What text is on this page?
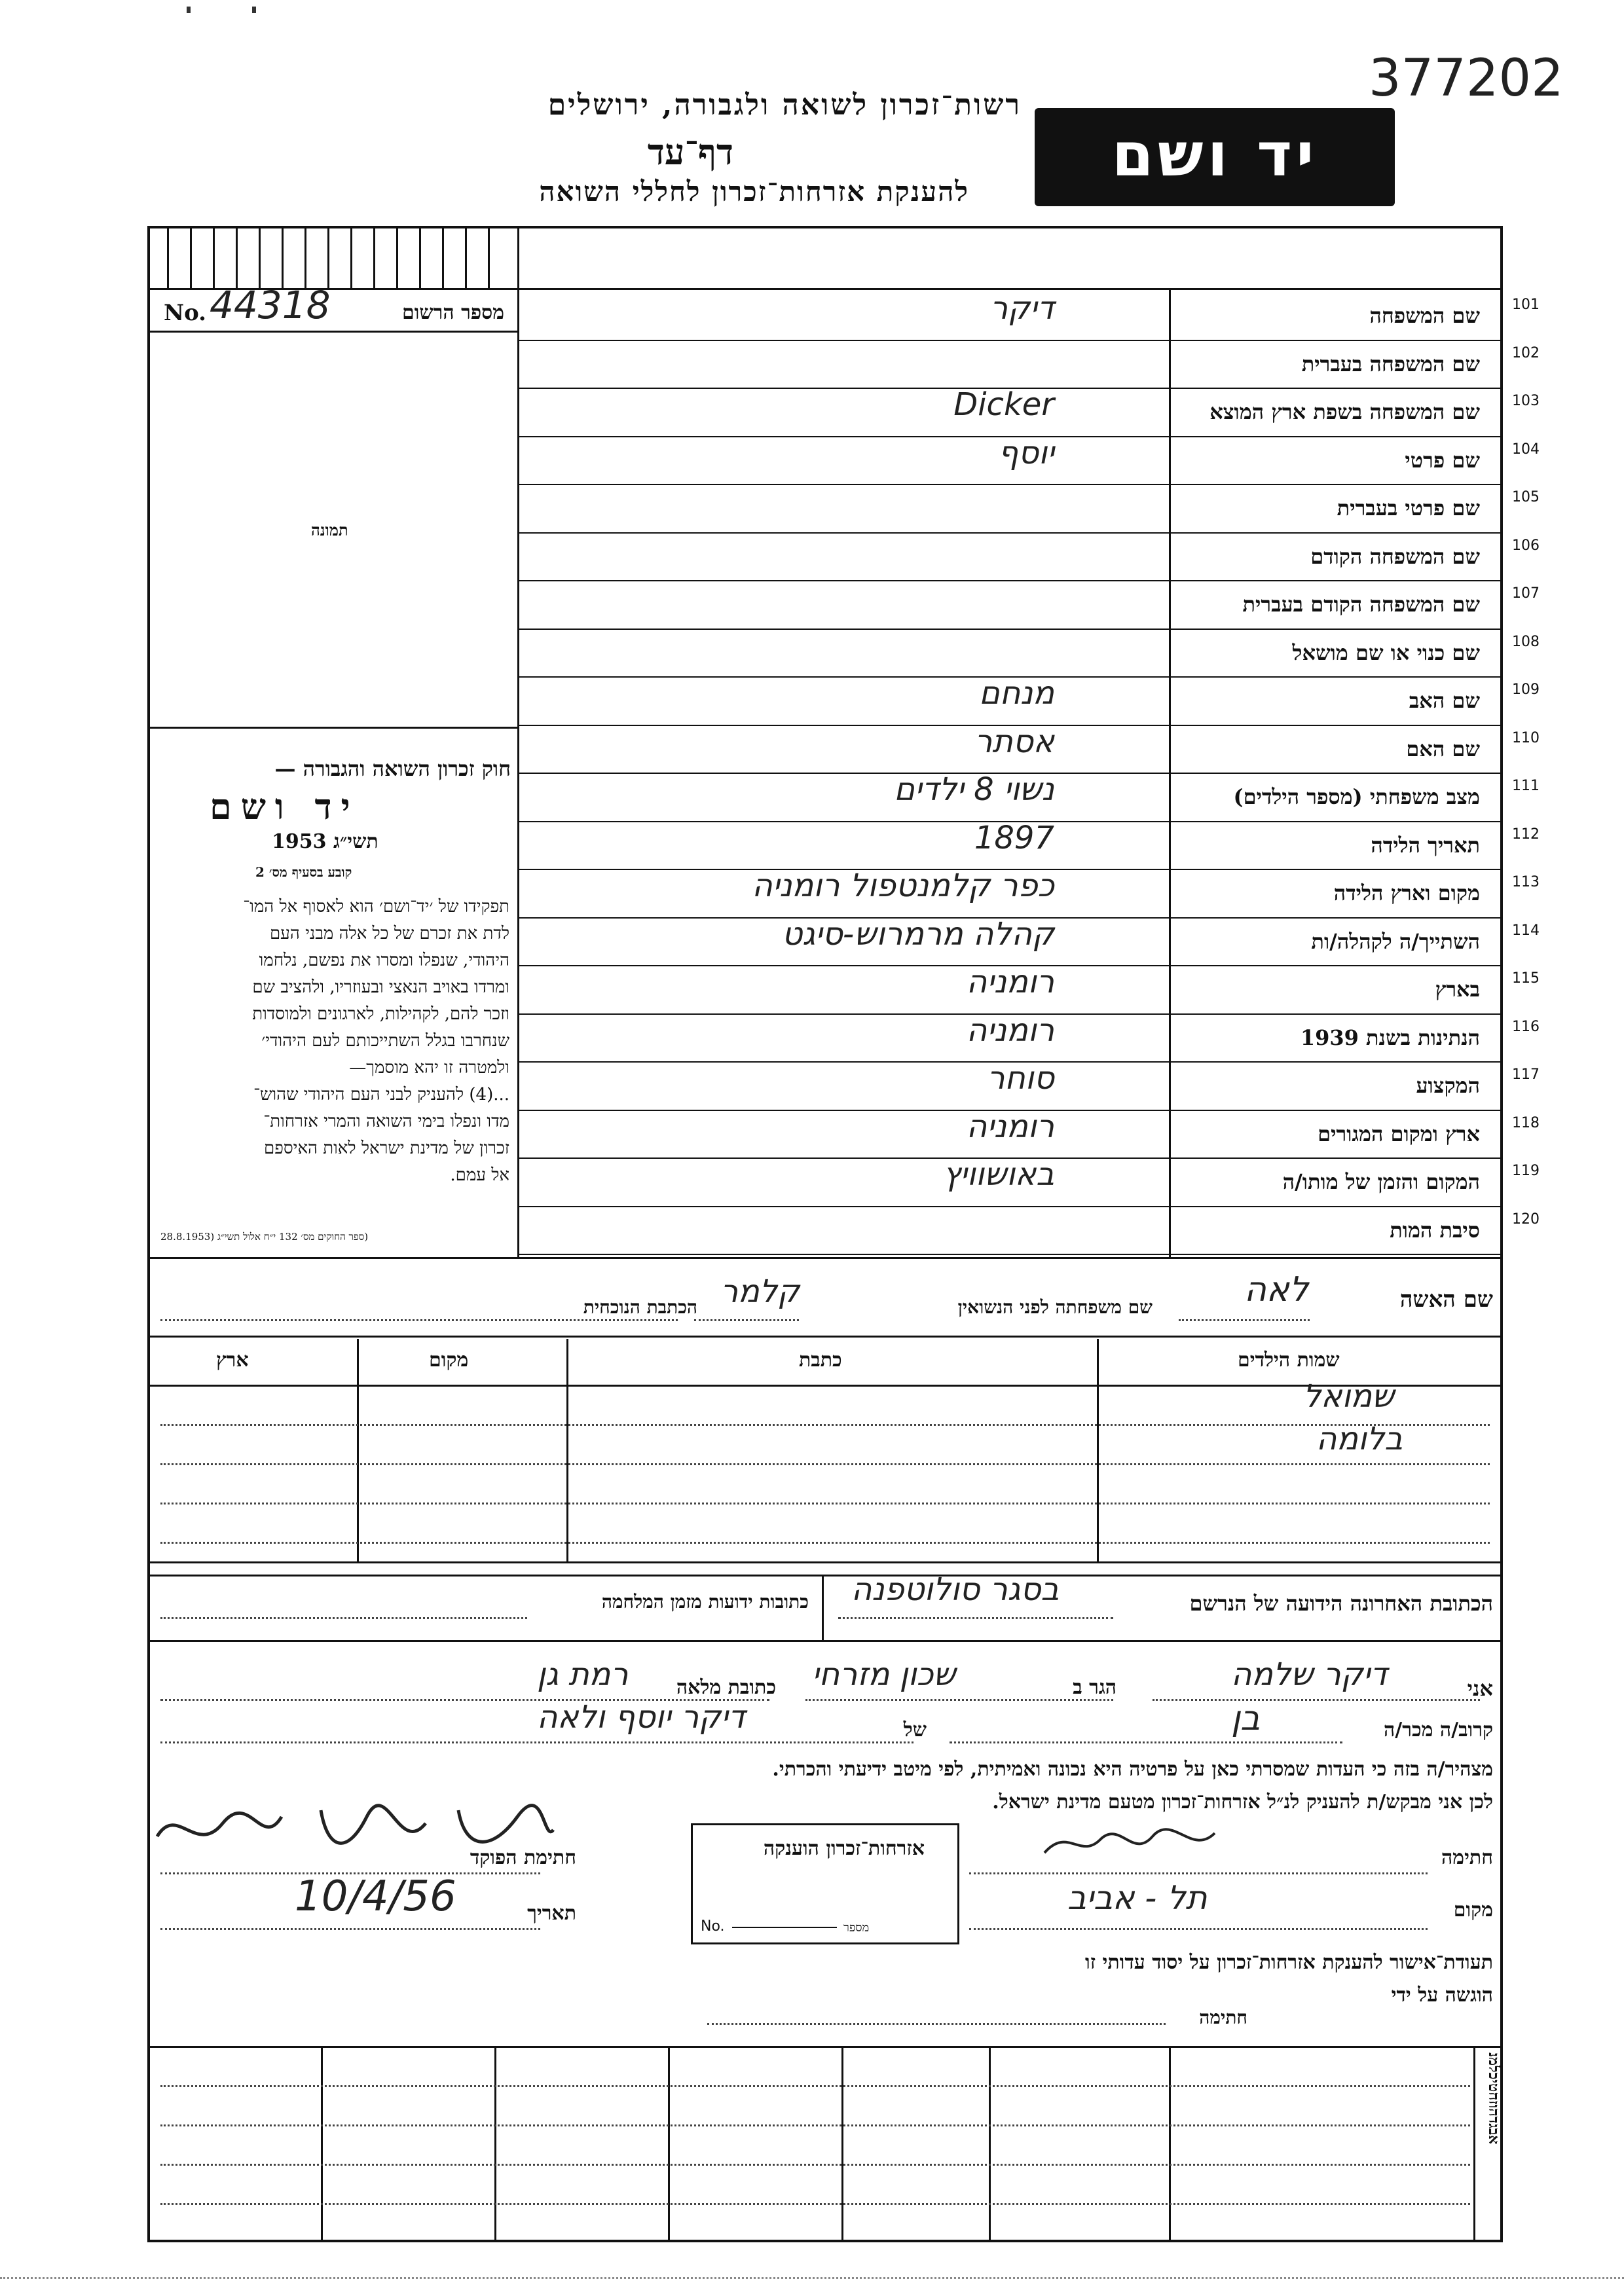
377202
רשות־זכרון לשואה ולגבורה, ירושלים
דף־עד
להענקת אזרחות־זכרון לחללי השואה
יד ושם
No. 44318	מספר הרשום
תמונה
חוק זכרון השואה והגבורה —
יד ושם
תשי״ג 1953
קובע בסעיף מס׳ 2
תפקידו של ׳יד־ושם׳ הוא לאסוף אל המו־
לדת את זכרם של כל אלה מבני העם
היהודי, שנפלו ומסרו את נפשם, נלחמו
ומרדו באויב הנאצי ובעוזריו, ולהציב שם
וזכר להם, לקהילות, לארגונים ולמוסדות
שנחרבו בגלל השתייכותם לעם היהודי׳
ולמטרה זו יהא מוסמך—
...(4) להעניק לבני העם היהודי שהוש־
מדו ונפלו בימי השואה והמרי אזרחות־
זכרון של מדינת ישראל לאות האיספם
אל עמם.
(ספר החוקים מס׳ 132 י״ח אלול תשי״ג (28.8.1953
101
שם המשפחה
דיקר
102
שם המשפחה בעברית
103
שם המשפחה בשפת ארץ המוצא
Dicker
104
שם פרטי
יוסף
105
שם פרטי בעברית
106
שם המשפחה הקודם
107
שם המשפחה הקודם בעברית
108
שם כנוי או שם מושאל
109
שם האב
מנחם
110
שם האם
אסתר
111
מצב משפחתי (מספר הילדים)
נשוי 8 ילדים
112
תאריך הלידה
1897
113
מקום וארץ הלידה
כפר קלמנטפול רומניה
114
השתייך/ה לקהלה/ות
קהלה מרמרוש-סיגט
115
בארץ
רומניה
116
הנתינות בשנת 1939
רומניה
117
המקצוע
סוחר
118
ארץ ומקום המגורים
רומניה
119
המקום והזמן של מותו/ה
באושוויץ
120
סיבת המות
שם האשה
לאה
שם משפחתה לפני הנשואין
קלמר
הכתבת הנוכחית
שמות הילדים
כתבת
מקום
ארץ
שמואל
בלומה
הכתובת האחרונה הידועה של הנרשם
בסגר סולוטפנה
כתובות ידועות מזמן המלחמה
אני
דיקר שלמה
הגר ב
שכון מזרחי
כתובת מלאה
רמת גן
קרוב/ה מכר/ה
בן
של
דיקר יוסף ולאה
מצהיר/ה בזה כי העדות שמסרתי כאן על פרטיה היא נכונה ואמיתית, לפי מיטב ידיעתי והכרתי.
לכן אני מבקש/ת להעניק לנ״ל אזרחות־זכרון מטעם מדינת ישראל.
חתימה
חתימת הפוקד
מקום
תל - אביב
תאריך
10/4/56
אזרחות־זכרון הוענקה
No.	מספר
תעודת־אישור להענקת אזרחות־זכרון על יסוד עדותי זו
הוגשה על ידי
חתימה
אבגדהוזחטיכלמנ
